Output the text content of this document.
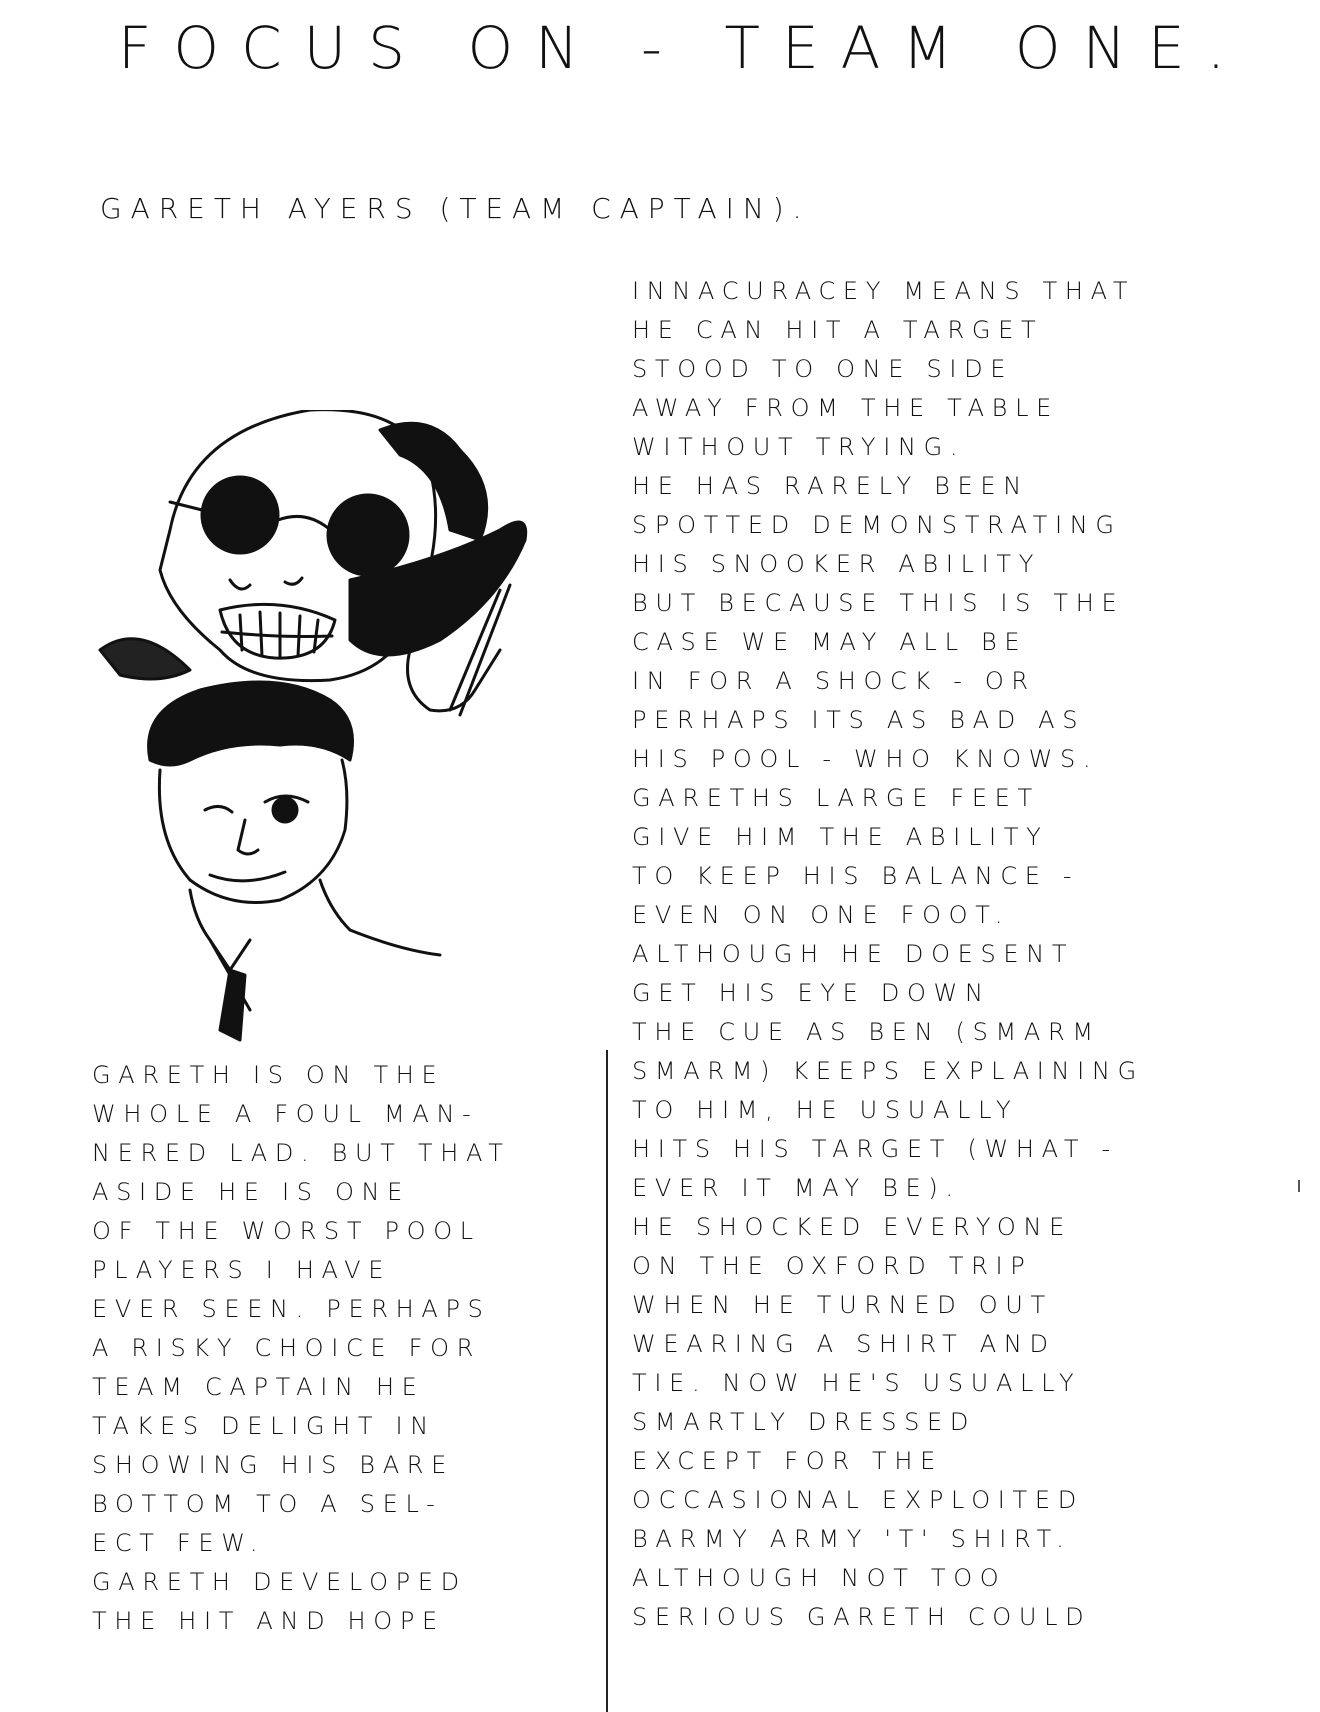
FOCUS ON - TEAM ONE.
GARETH AYERS (TEAM CAPTAIN).
GARETH IS ON THE
WHOLE A FOUL MAN-
NERED LAD. BUT THAT
ASIDE HE IS ONE
OF THE WORST POOL
PLAYERS I HAVE
EVER SEEN. PERHAPS
A RISKY CHOICE FOR
TEAM CAPTAIN HE
TAKES DELIGHT IN
SHOWING HIS BARE
BOTTOM TO A SEL-
ECT FEW.
GARETH DEVELOPED
THE HIT AND HOPE
INNACURACEY MEANS THAT
HE CAN HIT A TARGET
STOOD TO ONE SIDE
AWAY FROM THE TABLE
WITHOUT TRYING.
HE HAS RARELY BEEN
SPOTTED DEMONSTRATING
HIS SNOOKER ABILITY
BUT BECAUSE THIS IS THE
CASE WE MAY ALL BE
IN FOR A SHOCK - OR
PERHAPS ITS AS BAD AS
HIS POOL - WHO KNOWS.
GARETHS LARGE FEET
GIVE HIM THE ABILITY
TO KEEP HIS BALANCE -
EVEN ON ONE FOOT.
ALTHOUGH HE DOESENT
GET HIS EYE DOWN
THE CUE AS BEN (SMARM
SMARM) KEEPS EXPLAINING
TO HIM, HE USUALLY
HITS HIS TARGET (WHAT -
EVER IT MAY BE).
HE SHOCKED EVERYONE
ON THE OXFORD TRIP
WHEN HE TURNED OUT
WEARING A SHIRT AND
TIE. NOW HE'S USUALLY
SMARTLY DRESSED
EXCEPT FOR THE
OCCASIONAL EXPLOITED
BARMY ARMY 'T' SHIRT.
ALTHOUGH NOT TOO
SERIOUS GARETH COULD
